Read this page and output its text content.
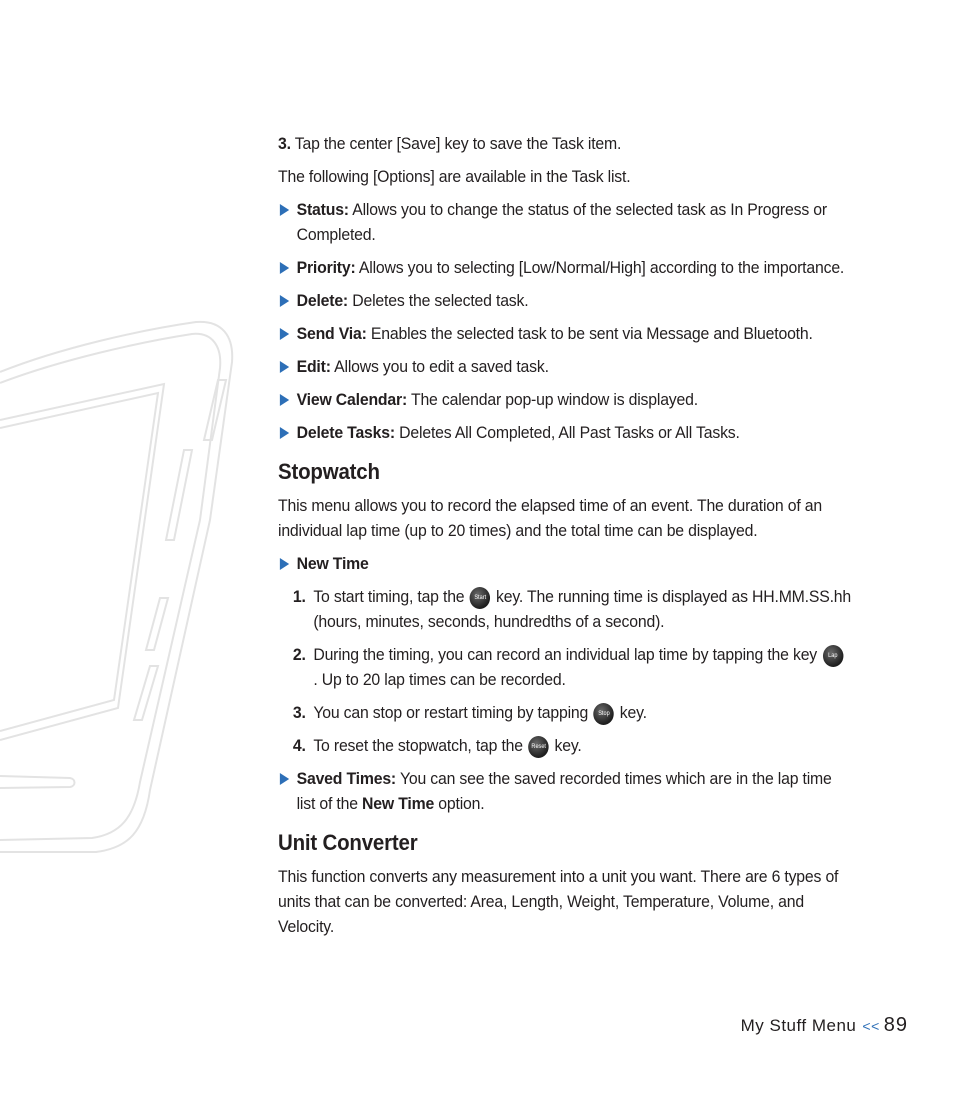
3. Tap the center [Save] key to save the Task item.

The following [Options] are available in the Task list.

Status: Allows you to change the status of the selected task as In Progress or Completed.
Priority: Allows you to selecting [Low/Normal/High] according to the importance.
Delete: Deletes the selected task.
Send Via: Enables the selected task to be sent via Message and Bluetooth.
Edit: Allows you to edit a saved task.
View Calendar: The calendar pop-up window is displayed.
Delete Tasks: Deletes All Completed, All Past Tasks or All Tasks.
Stopwatch

This menu allows you to record the elapsed time of an event. The duration of an individual lap time (up to 20 times) and the total time can be displayed.

New Time
1. To start timing, tap the Start key. The running time is displayed as HH.MM.SS.hh (hours, minutes, seconds, hundredths of a second).
2. During the timing, you can record an individual lap time by tapping the key Lap. Up to 20 lap times can be recorded.
3. You can stop or restart timing by tapping Stop key.
4. To reset the stopwatch, tap the Reset key.
Saved Times: You can see the saved recorded times which are in the lap time list of the New Time option.
Unit Converter

This function converts any measurement into a unit you want. There are 6 types of units that can be converted: Area, Length, Weight, Temperature, Volume, and Velocity.

My Stuff Menu << 89
